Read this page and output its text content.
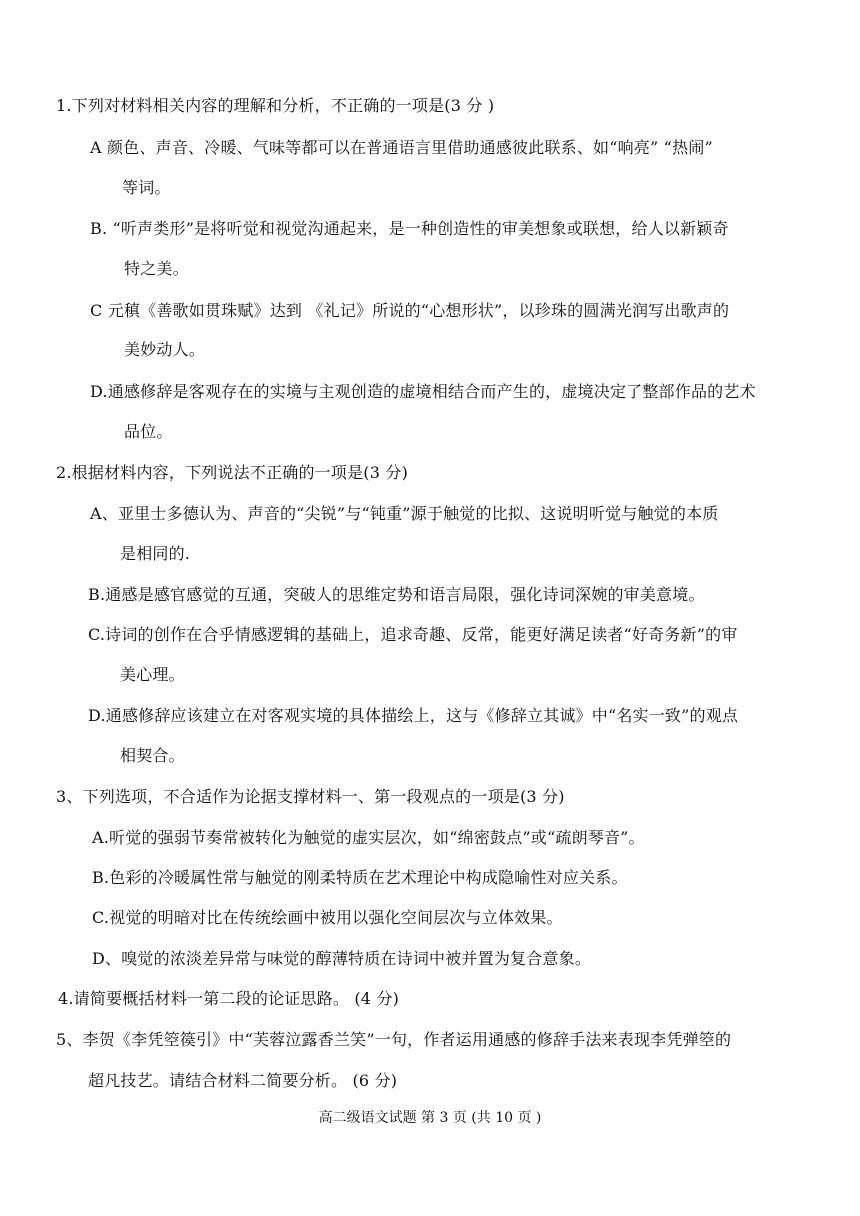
1.下列对材料相关内容的理解和分析，不正确的一项是(3 分 )
A 颜色、声音、冷暖、气味等都可以在普通语言里借助通感彼此联系、如“响亮” “热闹”
等词。
B. “听声类形”是将听觉和视觉沟通起来，是一种创造性的审美想象或联想，给人以新颖奇
特之美。
C 元稹《善歌如贯珠赋》达到 《礼记》所说的“心想形状”，以珍珠的圆满光润写出歌声的
美妙动人。
D.通感修辞是客观存在的实境与主观创造的虚境相结合而产生的，虚境决定了整部作品的艺术
品位。
2.根据材料内容，下列说法不正确的一项是(3 分)
A、亚里士多德认为、声音的“尖锐”与“钝重”源于触觉的比拟、这说明听觉与触觉的本质
是相同的.
B.通感是感官感觉的互通，突破人的思维定势和语言局限，强化诗词深婉的审美意境。
C.诗词的创作在合乎情感逻辑的基础上，追求奇趣、反常，能更好满足读者“好奇务新”的审
美心理。
D.通感修辞应该建立在对客观实境的具体描绘上，这与《修辞立其诚》中“名实一致”的观点
相契合。
3、下列选项，不合适作为论据支撑材料一、第一段观点的一项是(3 分)
A.听觉的强弱节奏常被转化为触觉的虚实层次，如“绵密鼓点”或“疏朗琴音”。
B.色彩的冷暖属性常与触觉的刚柔特质在艺术理论中构成隐喻性对应关系。
C.视觉的明暗对比在传统绘画中被用以强化空间层次与立体效果。
D、嗅觉的浓淡差异常与味觉的醇薄特质在诗词中被并置为复合意象。
4.请简要概括材料一第二段的论证思路。 (4 分)
5、李贺《李凭箜篌引》中“芙蓉泣露香兰笑”一句，作者运用通感的修辞手法来表现李凭弹箜的
超凡技艺。请结合材料二简要分析。 (6 分)
高二级语文试题 第 3 页 (共 10 页 )
